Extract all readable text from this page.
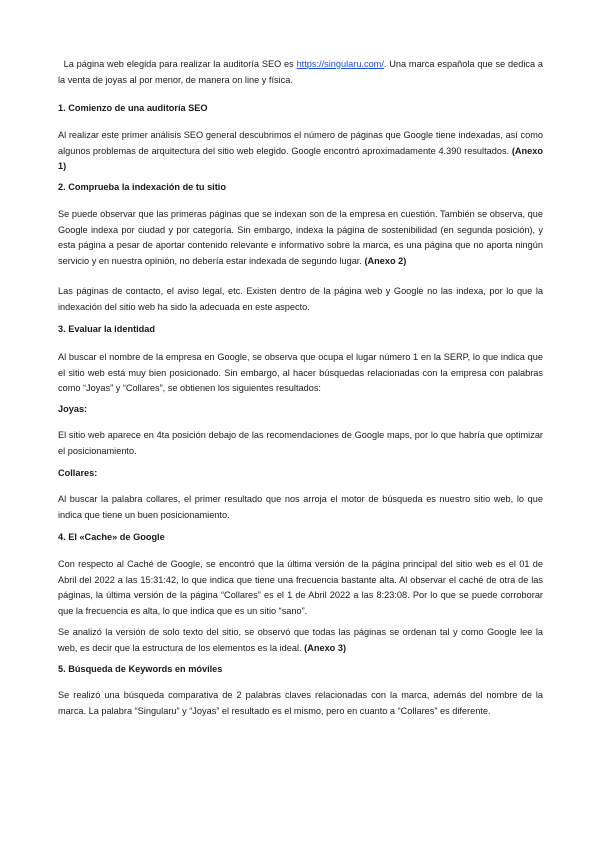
La página web elegida para realizar la auditoría SEO es https://singularu.com/. Una marca española que se dedica a la venta de joyas al por menor, de manera on line y física.

1. Comienzo de una auditoría SEO

Al realizar este primer análisis SEO general descubrimos el número de páginas que Google tiene indexadas, así como algunos problemas de arquitectura del sitio web elegido. Google encontró aproximadamente 4.390 resultados. (Anexo 1)

2. Comprueba la indexación de tu sitio

Se puede observar que las primeras páginas que se indexan son de la empresa en cuestión. También se observa, que Google indexa por ciudad y por categoría. Sin embargo, indexa la página de sostenibilidad (en segunda posición), y esta página a pesar de aportar contenido relevante e informativo sobre la marca, es una página que no aporta ningún servicio y en nuestra opinión, no debería estar indexada de segundo lugar. (Anexo 2)

Las páginas de contacto, el aviso legal, etc. Existen dentro de la página web y Google no las indexa, por lo que la indexación del sitio web ha sido la adecuada en este aspecto.

3. Evaluar la identidad

Al buscar el nombre de la empresa en Google, se observa que ocupa el lugar número 1 en la SERP, lo que indica que el sitio web está muy bien posicionado. Sin embargo, al hacer búsquedas relacionadas con la empresa con palabras como “Joyas” y “Collares”, se obtienen los siguientes resultados:

Joyas:

El sitio web aparece en 4ta posición debajo de las recomendaciones de Google maps, por lo que habría que optimizar el posicionamiento.

Collares:

Al buscar la palabra collares, el primer resultado que nos arroja el motor de búsqueda es nuestro sitio web, lo que indica que tiene un buen posicionamiento.

4. El «Cache» de Google

Con respecto al Caché de Google, se encontró que la última versión de la página principal del sitio web es el 01 de Abril del 2022 a las 15:31:42, lo que indica que tiene una frecuencia bastante alta. Al observar el caché de otra de las páginas, la última versión de la página “Collares” es el 1 de Abril 2022 a las 8:23:08. Por lo que se puede corroborar que la frecuencia es alta, lo que indica que es un sitio “sano”.

Se analizó la versión de solo texto del sitio, se observó que todas las páginas se ordenan tal y como Google lee la web, es decir que la estructura de los elementos es la ideal. (Anexo 3)

5. Búsqueda de Keywords en móviles

Se realizó una búsqueda comparativa de 2 palabras claves relacionadas con la marca, además del nombre de la marca. La palabra “Singularu” y “Joyas” el resultado es el mismo, pero en cuanto a “Collares” es diferente.
